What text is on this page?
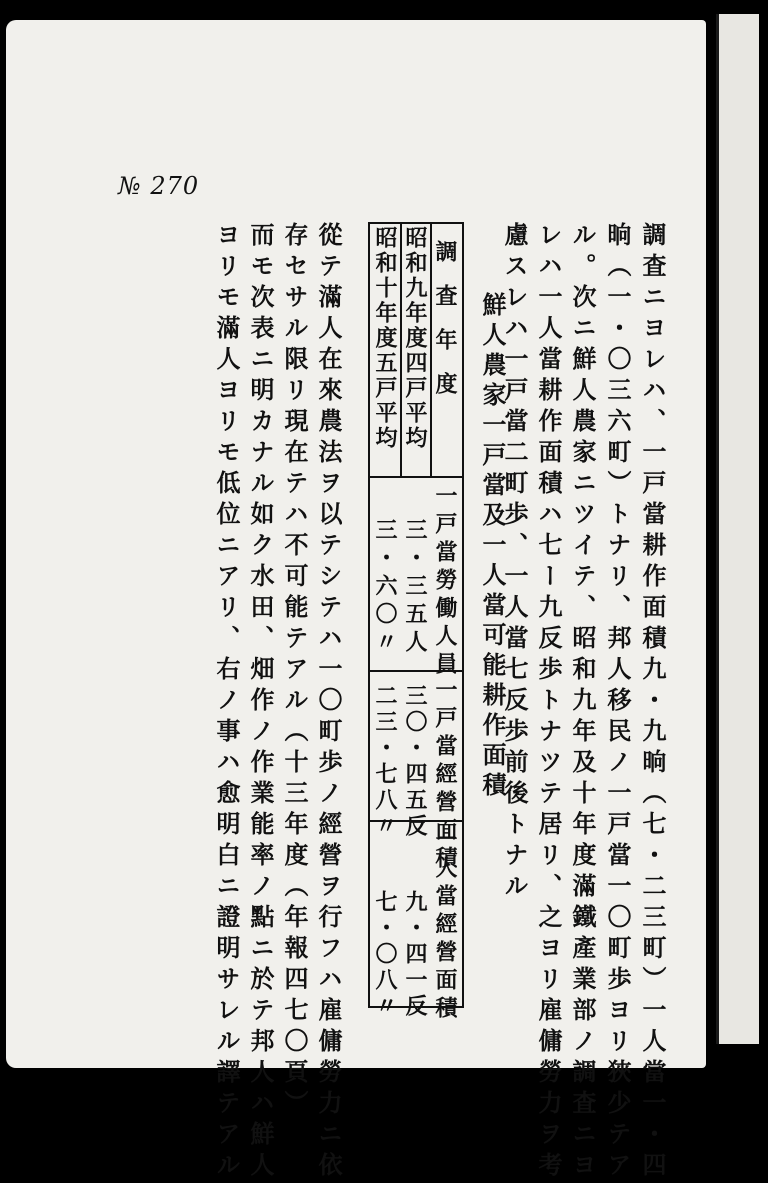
№ 270
調査ニヨレハ、一戸當耕作面積九・九晌（七・二三町）一人當一・四
晌（一・〇三六町）トナリ、邦人移民ノ一戸當一〇町歩ヨリ狹少テア
ル。次ニ鮮人農家ニツイテ、昭和九年及十年度滿鐵產業部ノ調査ニヨ
レハ一人當耕作面積ハ七ー九反歩トナツテ居リ、之ヨリ雇傭勞力ヲ考
慮スレハ一戸當二町歩、一人當七反歩前後トナル
鮮人農家一戸當及一人當可能耕作面積
調査年度
一戸當勞働人員
一戸當經營面積
一人當經營面積
昭和九年度四戸平均
三・三五人
三〇・四五反
九・四一反
昭和十年度五戸平均
三・六〇〃
二三・七八〃
七・〇八〃
從テ滿人在來農法ヲ以テシテハ一〇町歩ノ經營ヲ行フハ雇傭勞力ニ依
存セサル限リ現在テハ不可能テアル（十三年度（年報四七〇頁）
而モ次表ニ明カナル如ク水田、畑作ノ作業能率ノ點ニ於テ邦人ハ鮮人
ヨリモ滿人ヨリモ低位ニアリ、右ノ事ハ愈明白ニ證明サレル譯テアル
